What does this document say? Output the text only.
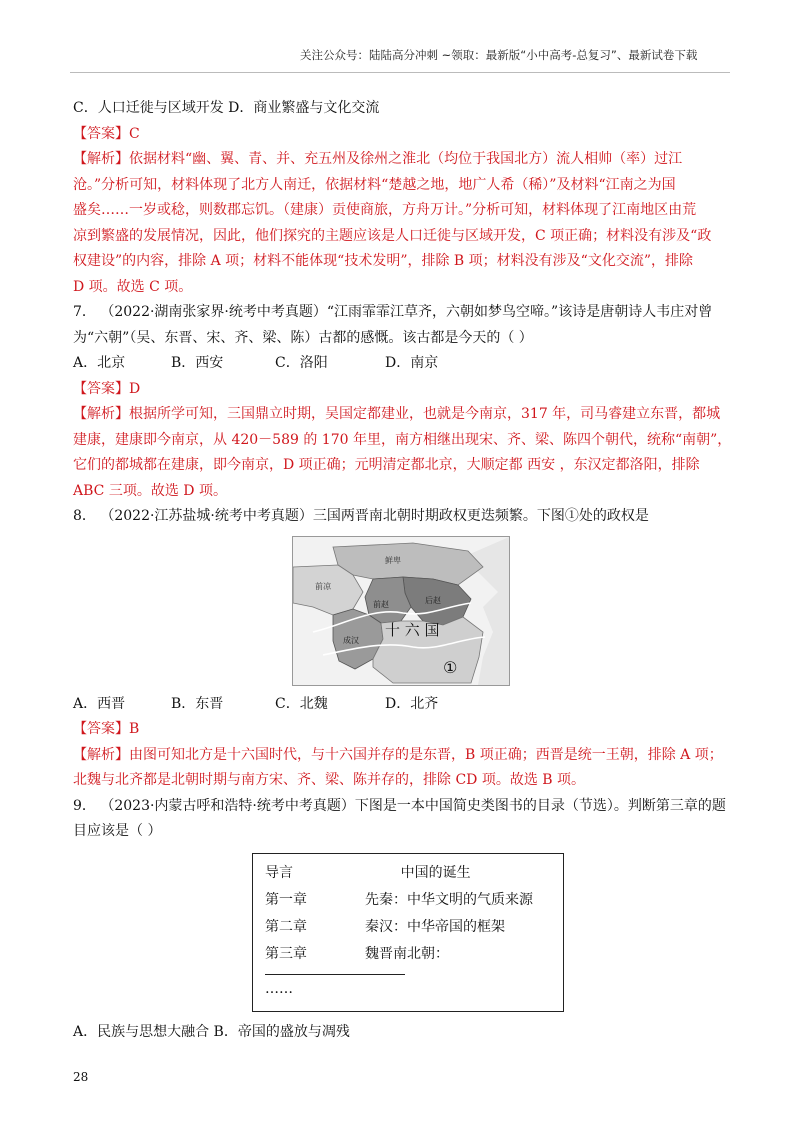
关注公众号：陆陆高分冲刺 ~领取：最新版“小中高考-总复习”、最新试卷下载
C．人口迁徙与区域开发 D．商业繁盛与文化交流
【答案】C
【解析】依据材料“幽、翼、青、并、充五州及徐州之淮北（均位于我国北方）流人相帅（率）过江
沧。”分析可知，材料体现了北方人南迁，依据材料“楚越之地，地广人希（稀）”及材料“江南之为国
盛矣……一岁或稔，则数郡忘饥。（建康）贡使商旅，方舟万计。”分析可知，材料体现了江南地区由荒
凉到繁盛的发展情况，因此，他们探究的主题应该是人口迁徙与区域开发，C 项正确；材料没有涉及“政
权建设”的内容，排除 A 项；材料不能体现“技术发明”，排除 B 项；材料没有涉及“文化交流”，排除
D 项。故选 C 项。
7． （2022·湖南张家界·统考中考真题）“江雨霏霏江草齐，六朝如梦鸟空啼。”该诗是唐朝诗人韦庄对曾
为“六朝”（吴、东晋、宋、齐、梁、陈）古都的感慨。该古都是今天的（ ）
A．北京	B．西安	C．洛阳	D．南京
【答案】D
【解析】根据所学可知，三国鼎立时期，吴国定都建业，也就是今南京，317 年，司马睿建立东晋，都城
建康，建康即今南京，从 420－589 的 170 年里，南方相继出现宋、齐、梁、陈四个朝代，统称“南朝”，
它们的都城都在建康，即今南京，D 项正确；元明清定都北京，大顺定都 西安 ，东汉定都洛阳，排除
ABC 三项。故选 D 项。
8． （2022·江苏盐城·统考中考真题）三国两晋南北朝时期政权更迭频繁。下图①处的政权是
鲜卑
前凉
前赵	后赵
成汉
十 六 国
①
A．西晋	B．东晋	C．北魏	D．北齐
【答案】B
【解析】由图可知北方是十六国时代，与十六国并存的是东晋，B 项正确；西晋是统一王朝，排除 A 项；
北魏与北齐都是北朝时期与南方宋、齐、梁、陈并存的，排除 CD 项。故选 B 项。
9． （2023·内蒙古呼和浩特·统考中考真题）下图是一本中国简史类图书的目录（节选）。判断第三章的题
目应该是（ ）
导言	中国的诞生
第一章	先秦：中华文明的气质来源
第二章	秦汉：中华帝国的框架
第三章	魏晋南北朝：
……
A．民族与思想大融合 B．帝国的盛放与凋残
28
